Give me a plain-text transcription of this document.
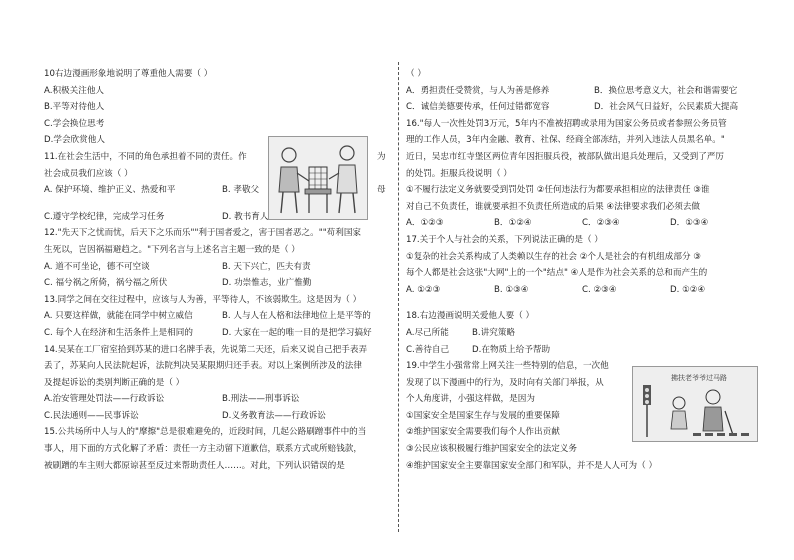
10右边漫画形象地说明了尊重他人需要（ ）
A.积极关注他人
B.平等对待他人
C.学会换位思考
D.学会欣赏他人
11.在社会生活中，不同的角色承担着不同的责任。作	为
社会成员我们应该（ ）
A. 保护环境、维护正义、热爱和平	B. 孝敬父	母
C.遵守学校纪律，完成学习任务	D. 教书育人
12."先天下之忧而忧，后天下之乐而乐""利于国者爱之，害于国者恶之。""苟利国家
生死以，岂因祸福避趋之。"下列名言与上述名言主题一致的是（ ）
A. 道不可坐论，德不可空谈	B. 天下兴亡，匹夫有责
C. 福兮祸之所倚，祸兮福之所伏	D. 功崇惟志，业广惟勤
13.同学之间在交往过程中，应该与人为善，平等待人，不该弱欺生。这是因为（ ）
A. 只要这样做，就能在同学中树立威信	B. 人与人在人格和法律地位上是平等的
C. 每个人在经济和生活条件上是相同的	D. 大家在一起的唯一目的是把学习搞好
14.吴某在工厂宿室拾到苏某的进口名牌手表，先说第二天还，后来又说自己把手表弄
丢了，苏某向人民法院起诉，法院判决吴某限期归还手表。对以上案例所涉及的法律
及提起诉讼的类别判断正确的是（ ）
A.治安管理处罚法——行政诉讼	B.刑法——刑事诉讼
C.民法通则——民事诉讼	D.义务教育法——行政诉讼
15.公共场所中人与人的"摩擦"总是很难避免的，近段时间，几起公路刷蹭事件中的当
事人，用下面的方式化解了矛盾：责任一方主动留下道歉信，联系方式或所赔钱款，
被刷蹭的车主则大都原谅甚至反过来帮助责任人……。对此，下列认识错误的是
（ ）
A．勇担责任受赞赏，与人为善是修养	B．换位思考意义大，社会和谐需要它
C．诚信美德要传承，任何过错都宽容	D．社会风气日益好，公民素质大提高
16."每人一次性处罚3万元，5年内不准被招聘或录用为国家公务员或者参照公务员管
理的工作人员，3年内金融、教育、社保、经商全部冻结，并列入违法人员黑名单。"
近日，吴忠市红寺堡区两位青年因拒服兵役，被部队做出退兵处理后，又受到了严厉
的处罚。拒服兵役说明（ ）
①不履行法定义务就要受到罚处罚 ②任何违法行为都要承担相应的法律责任 ③谁
对自己不负责任，谁就要承担不负责任所造成的后果 ④法律要求我们必须去做
A．①②③	B．①②④	C．②③④	D．①③④
17.关于个人与社会的关系，下列说法正确的是（ ）
①复杂的社会关系构成了人类赖以生存的社会 ②个人是社会的有机组成部分 ③
每个人都是社会这张"大网"上的一个"结点" ④人是作为社会关系的总和而产生的
A. ①②③	B. ①③④	C. ②③④	D. ①②④
18.右边漫画说明关爱他人要（ ）
A.尽己所能	B.讲究策略
C.善待自己	D.在物质上给予帮助
19.中学生小强常常上网关注一些特别的信息，一次他
发现了以下漫画中的行为，及时向有关部门举报，从
个人角度讲，小强这样做，是因为
①国家安全是国家生存与发展的重要保障
②维护国家安全需要我们每个人作出贡献
③公民应该积极履行维护国家安全的法定义务
④维护国家安全主要靠国家安全部门和军队，并不是人人可为（ ）
拂扶老爷爷过马路
